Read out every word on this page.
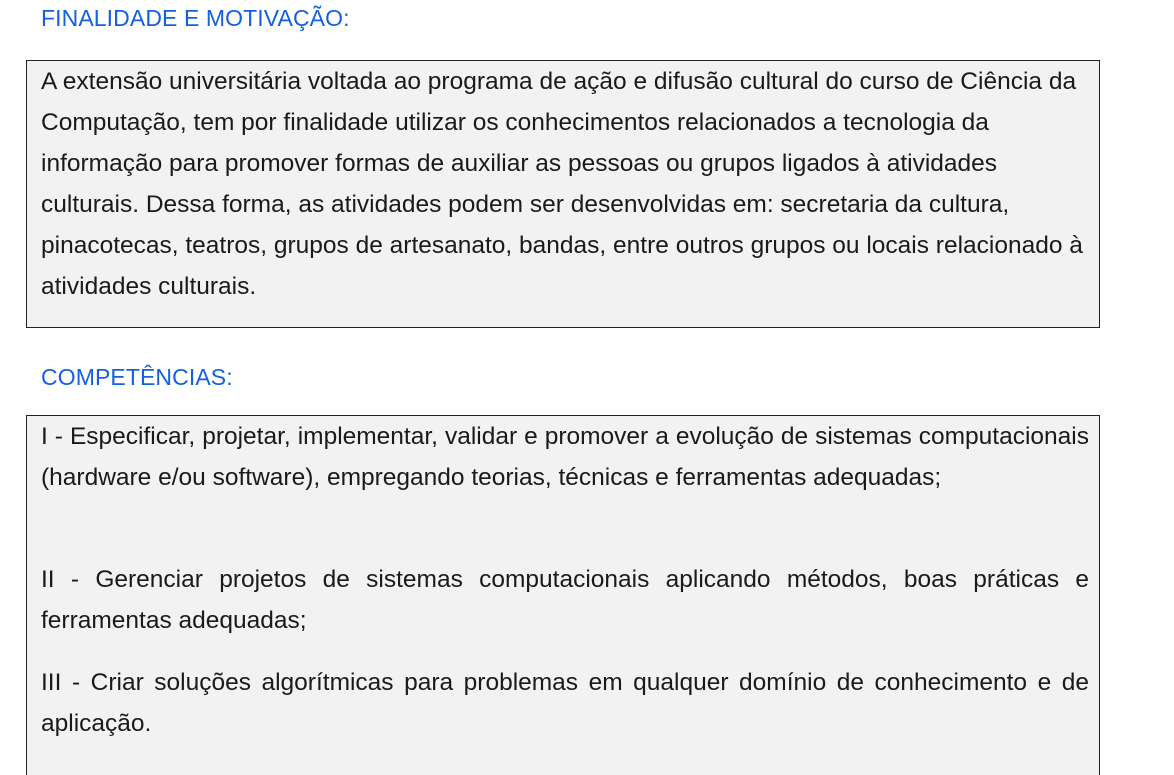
FINALIDADE E MOTIVAÇÃO:

A extensão universitária voltada ao programa de ação e difusão cultural do curso de Ciência da Computação, tem por finalidade utilizar os conhecimentos relacionados a tecnologia da informação para promover formas de auxiliar as pessoas ou grupos ligados à atividades culturais. Dessa forma, as atividades podem ser desenvolvidas em: secretaria da cultura, pinacotecas, teatros, grupos de artesanato, bandas, entre outros grupos ou locais relacionado à atividades culturais.

COMPETÊNCIAS:

I - Especificar, projetar, implementar, validar e promover a evolução de sistemas computacionais (hardware e/ou software), empregando teorias, técnicas e ferramentas adequadas;

II - Gerenciar projetos de sistemas computacionais aplicando métodos, boas práticas e ferramentas adequadas;

III - Criar soluções algorítmicas para problemas em qualquer domínio de conhecimento e de aplicação.
